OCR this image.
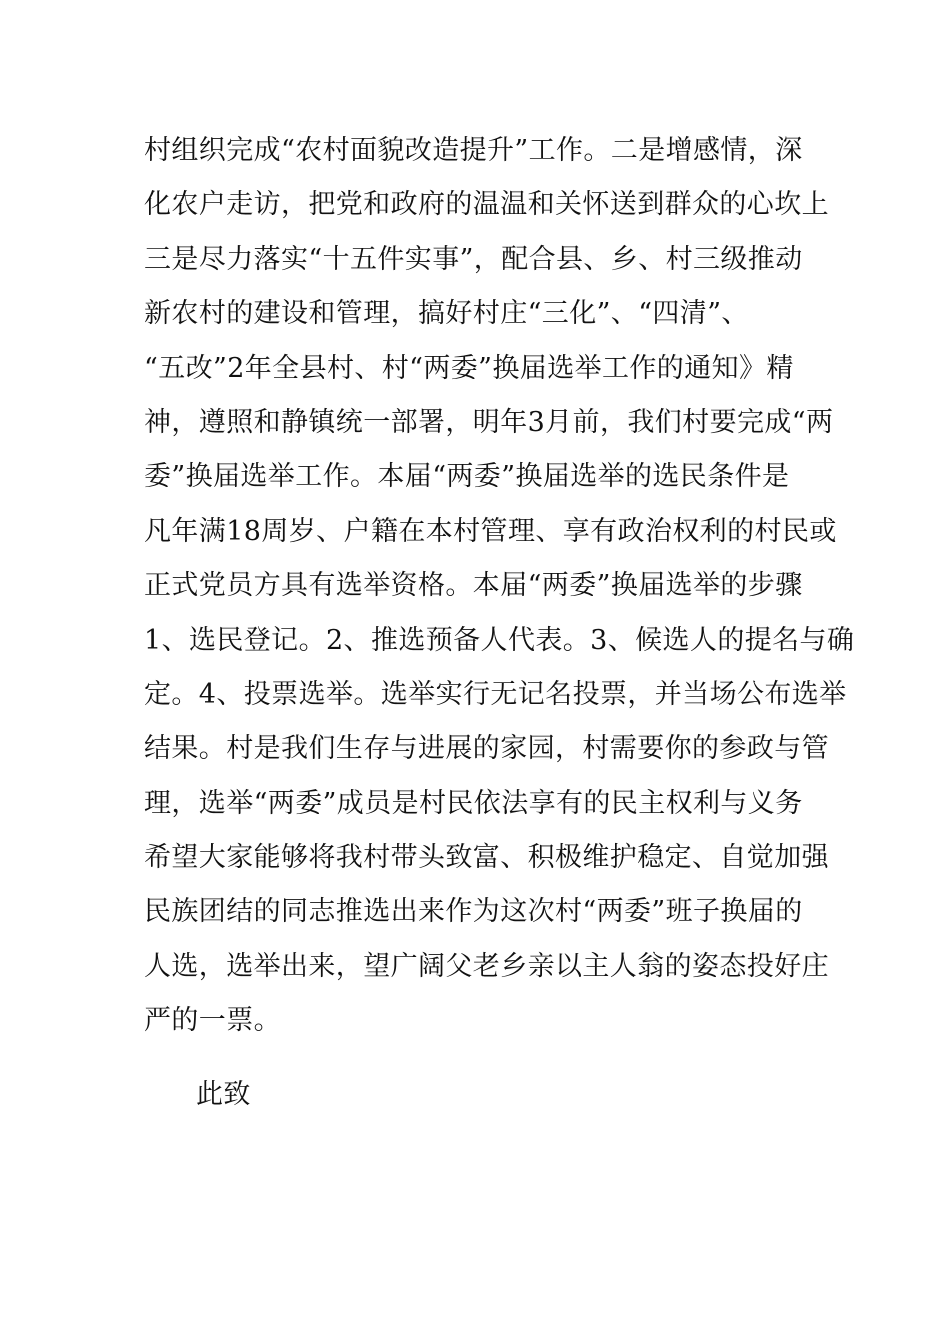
村组织完成“农村面貌改造提升”工作。二是增感情，深
化农户走访，把党和政府的温温和关怀送到群众的心坎上
三是尽力落实“十五件实事”，配合县、乡、村三级推动
新农村的建设和管理，搞好村庄“三化”、“四清”、
“五改”2年全县村、村“两委”换届选举工作的通知》精
神，遵照和静镇统一部署，明年3月前，我们村要完成“两
委”换届选举工作。本届“两委”换届选举的选民条件是
凡年满18周岁、户籍在本村管理、享有政治权利的村民或
正式党员方具有选举资格。本届“两委”换届选举的步骤
1、选民登记。2、推选预备人代表。3、候选人的提名与确
定。4、投票选举。选举实行无记名投票，并当场公布选举
结果。村是我们生存与进展的家园，村需要你的参政与管
理，选举“两委”成员是村民依法享有的民主权利与义务
希望大家能够将我村带头致富、积极维护稳定、自觉加强
民族团结的同志推选出来作为这次村“两委”班子换届的
人选，选举出来，望广阔父老乡亲以主人翁的姿态投好庄
严的一票。
此致
